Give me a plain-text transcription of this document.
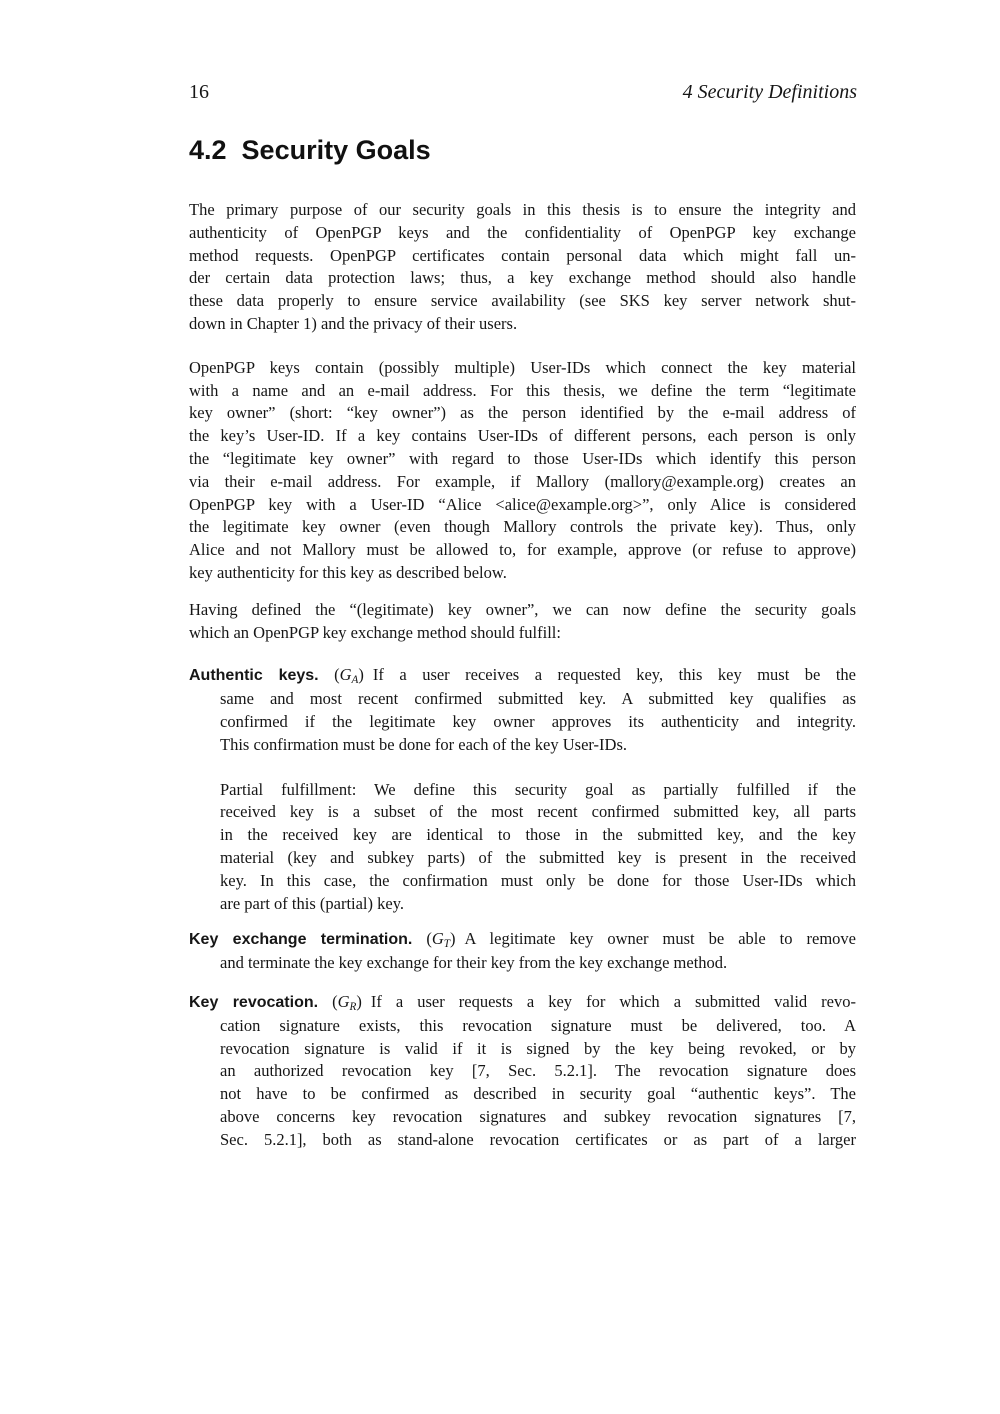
16	4 Security Definitions
4.2 Security Goals
The primary purpose of our security goals in this thesis is to ensure the integrity and
authenticity of OpenPGP keys and the confidentiality of OpenPGP key exchange
method requests. OpenPGP certificates contain personal data which might fall un-
der certain data protection laws; thus, a key exchange method should also handle
these data properly to ensure service availability (see SKS key server network shut-
down in Chapter 1) and the privacy of their users.
OpenPGP keys contain (possibly multiple) User-IDs which connect the key material
with a name and an e-mail address. For this thesis, we define the term “legitimate
key owner” (short: “key owner”) as the person identified by the e-mail address of
the key’s User-ID. If a key contains User-IDs of different persons, each person is only
the “legitimate key owner” with regard to those User-IDs which identify this person
via their e-mail address. For example, if Mallory (mallory@example.org) creates an
OpenPGP key with a User-ID “Alice <alice@example.org>”, only Alice is considered
the legitimate key owner (even though Mallory controls the private key). Thus, only
Alice and not Mallory must be allowed to, for example, approve (or refuse to approve)
key authenticity for this key as described below.
Having defined the “(legitimate) key owner”, we can now define the security goals
which an OpenPGP key exchange method should fulfill:
Authentic keys. $(G_A)$ If a user receives a requested key, this key must be the
same and most recent confirmed submitted key. A submitted key qualifies as
confirmed if the legitimate key owner approves its authenticity and integrity.
This confirmation must be done for each of the key User-IDs.
Partial fulfillment: We define this security goal as partially fulfilled if the
received key is a subset of the most recent confirmed submitted key, all parts
in the received key are identical to those in the submitted key, and the key
material (key and subkey parts) of the submitted key is present in the received
key. In this case, the confirmation must only be done for those User-IDs which
are part of this (partial) key.
Key exchange termination. $(G_T)$ A legitimate key owner must be able to remove
and terminate the key exchange for their key from the key exchange method.
Key revocation. $(G_R)$ If a user requests a key for which a submitted valid revo-
cation signature exists, this revocation signature must be delivered, too. A
revocation signature is valid if it is signed by the key being revoked, or by
an authorized revocation key [7, Sec. 5.2.1]. The revocation signature does
not have to be confirmed as described in security goal “authentic keys”. The
above concerns key revocation signatures and subkey revocation signatures [7,
Sec. 5.2.1], both as stand-alone revocation certificates or as part of a larger
